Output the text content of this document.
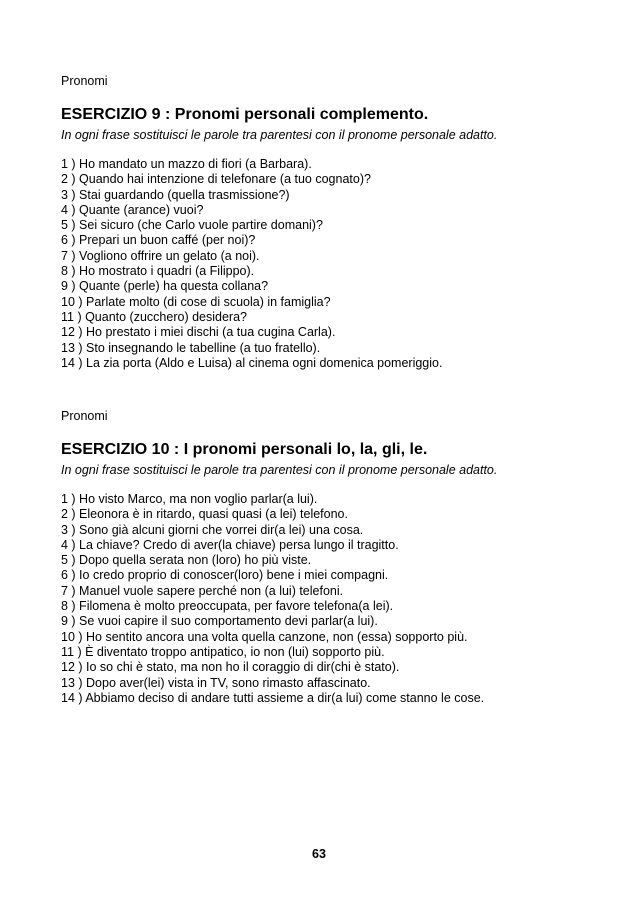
Pronomi

ESERCIZIO 9 : Pronomi personali complemento.

In ogni frase sostituisci le parole tra parentesi con il pronome personale adatto.

1 ) Ho mandato un mazzo di fiori (a Barbara).
2 ) Quando hai intenzione di telefonare (a tuo cognato)?
3 ) Stai guardando (quella trasmissione?)
4 ) Quante (arance) vuoi?
5 ) Sei sicuro (che Carlo vuole partire domani)?
6 ) Prepari un buon caffé (per noi)?
7 ) Vogliono offrire un gelato (a noi).
8 ) Ho mostrato i quadri (a Filippo).
9 ) Quante (perle) ha questa collana?
10 ) Parlate molto (di cose di scuola) in famiglia?
11 ) Quanto (zucchero) desidera?
12 ) Ho prestato i miei dischi (a tua cugina Carla).
13 ) Sto insegnando le tabelline (a tuo fratello).
14 ) La zia porta (Aldo e Luisa) al cinema ogni domenica pomeriggio.

Pronomi

ESERCIZIO 10 : I pronomi personali lo, la, gli, le.

In ogni frase sostituisci le parole tra parentesi con il pronome personale adatto.

1 ) Ho visto Marco, ma non voglio parlar(a lui).
2 ) Eleonora è in ritardo, quasi quasi (a lei) telefono.
3 ) Sono già alcuni giorni che vorrei dir(a lei) una cosa.
4 ) La chiave? Credo di aver(la chiave) persa lungo il tragitto.
5 ) Dopo quella serata non (loro) ho più viste.
6 ) Io credo proprio di conoscer(loro) bene i miei compagni.
7 ) Manuel vuole sapere perché non (a lui) telefoni.
8 ) Filomena è molto preoccupata, per favore telefona(a lei).
9 ) Se vuoi capire il suo comportamento devi parlar(a lui).
10 ) Ho sentito ancora una volta quella canzone, non (essa) sopporto più.
11 ) È diventato troppo antipatico, io non (lui) sopporto più.
12 ) Io so chi è stato, ma non ho il coraggio di dir(chi è stato).
13 ) Dopo aver(lei) vista in TV, sono rimasto affascinato.
14 ) Abbiamo deciso di andare tutti assieme a dir(a lui) come stanno le cose.
63
